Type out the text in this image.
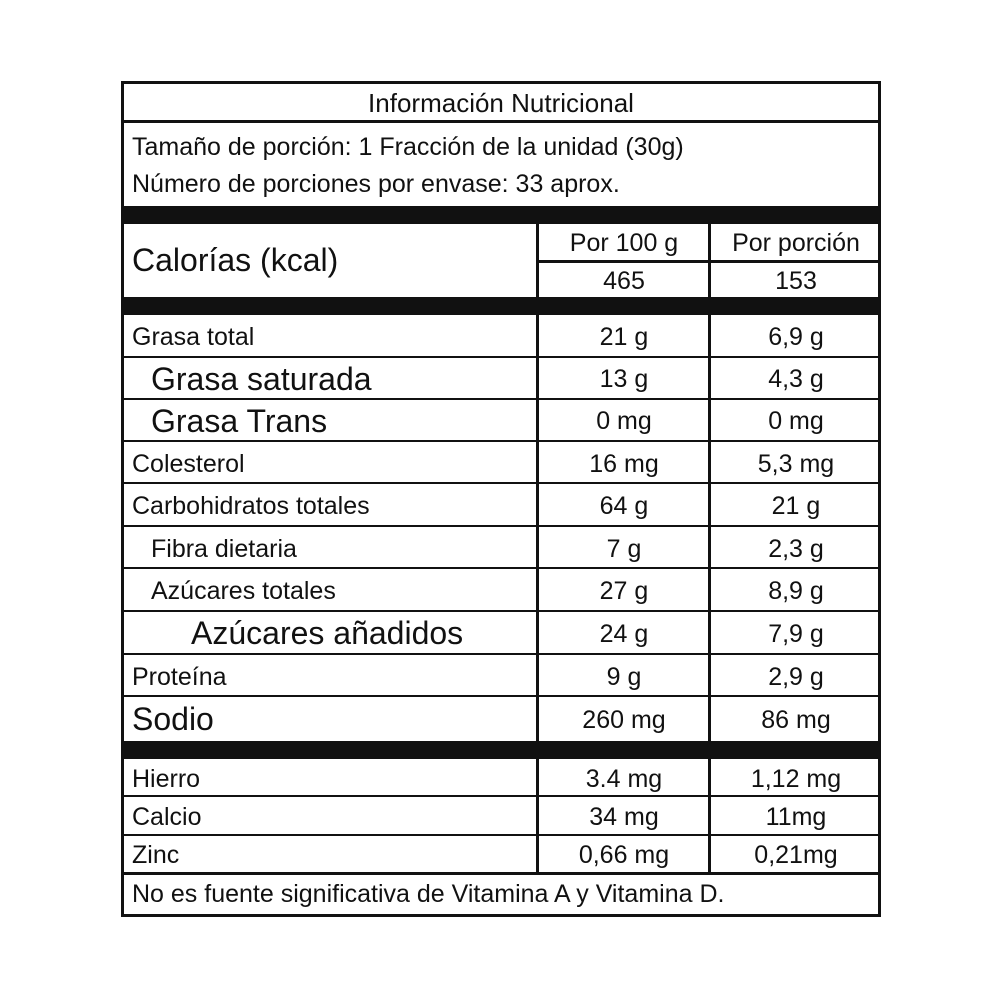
Información Nutricional
Tamaño de porción: 1 Fracción de la unidad (30g)
Número de porciones por envase: 33 aprox.
Calorías (kcal)	Por 100 g	Por porción
465	153
Grasa total	21 g	6,9 g
Grasa saturada	13 g	4,3 g
Grasa Trans	0 mg	0 mg
Colesterol	16 mg	5,3 mg
Carbohidratos totales	64 g	21 g
Fibra dietaria	7 g	2,3 g
Azúcares totales	27 g	8,9 g
Azúcares añadidos	24 g	7,9 g
Proteína	9 g	2,9 g
Sodio	260 mg	86 mg
Hierro	3.4 mg	1,12 mg
Calcio	34 mg	11mg
Zinc	0,66 mg	0,21mg
No es fuente significativa de Vitamina A y Vitamina D.
